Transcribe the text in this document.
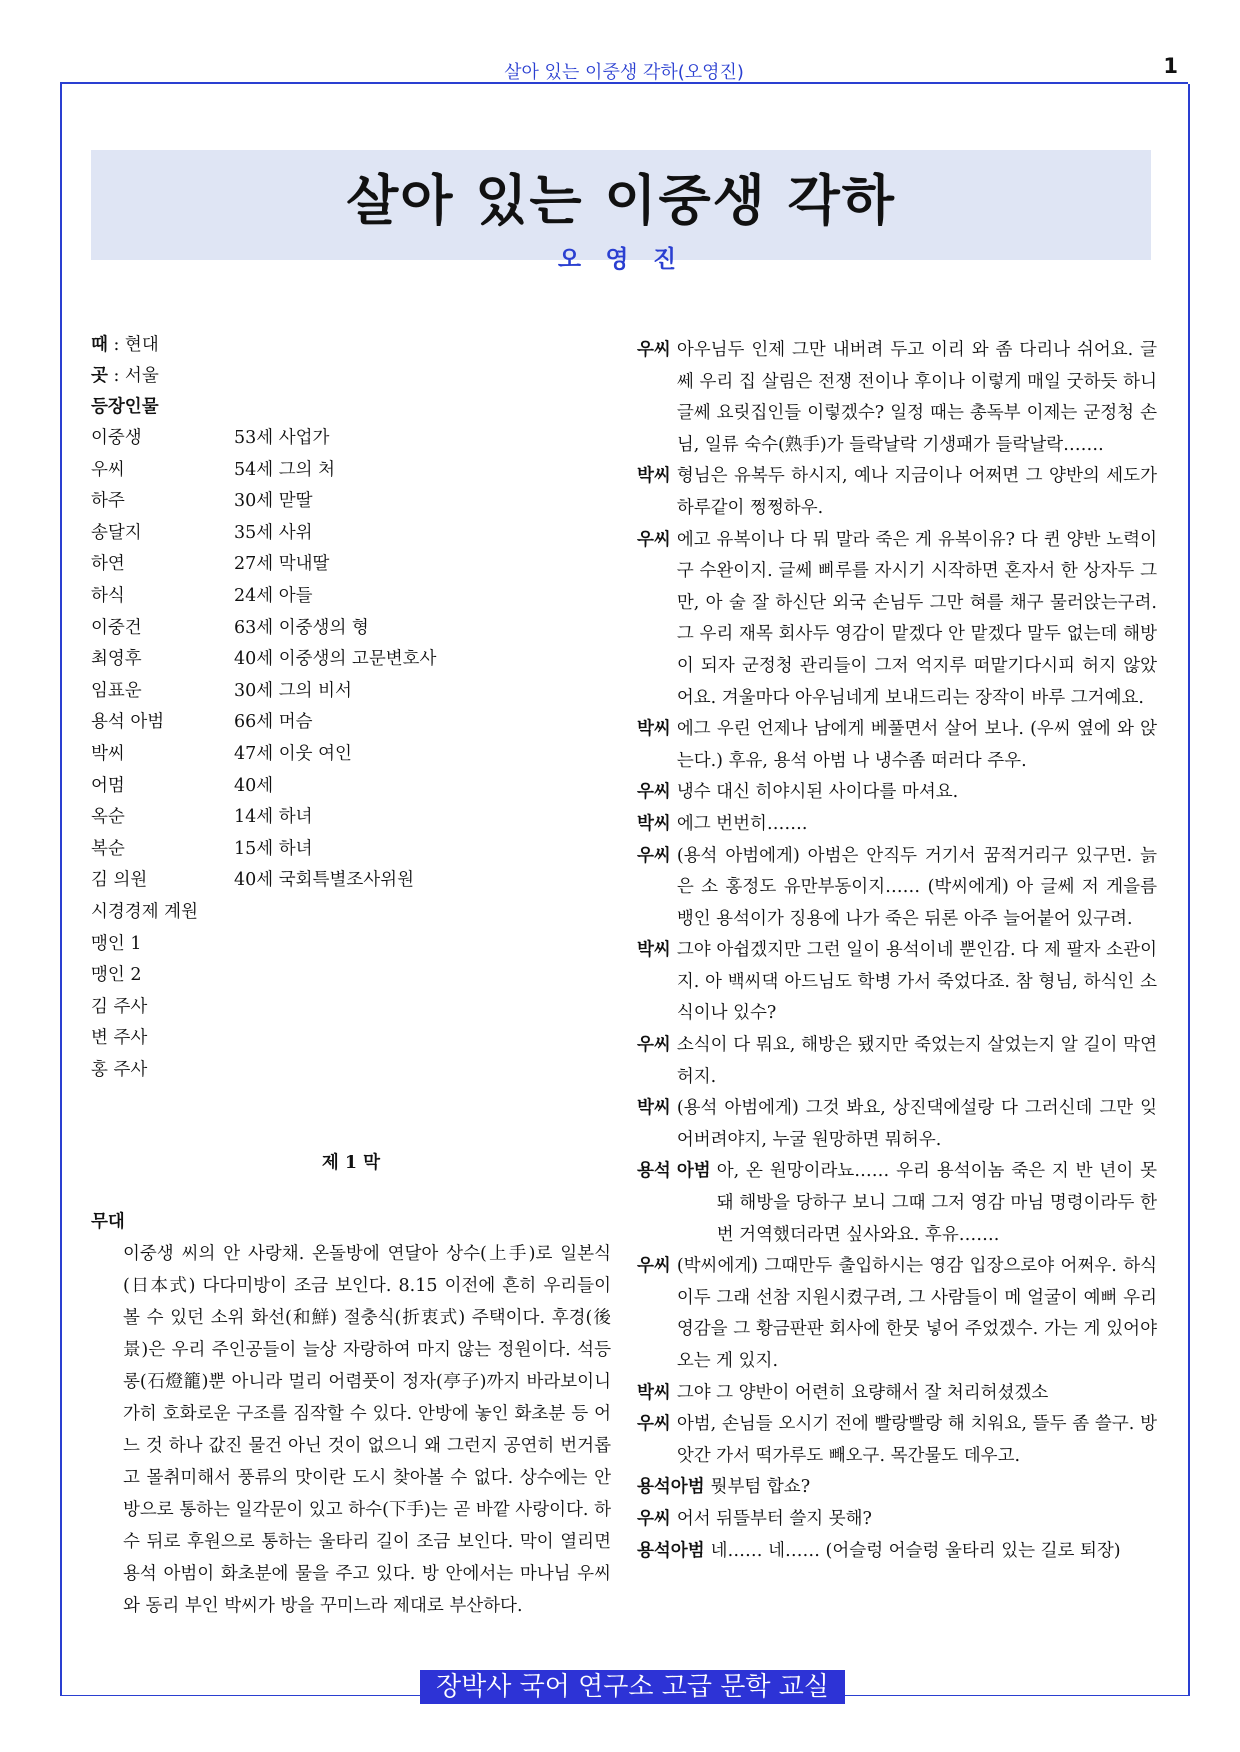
살아 있는 이중생 각하(오영진)	1
살아 있는 이중생 각하
오 영 진
때 : 현대
곳 : 서울
등장인물
이중생	53세 사업가
우씨	54세 그의 처
하주	30세 맏딸
송달지	35세 사위
하연	27세 막내딸
하식	24세 아들
이중건	63세 이중생의 형
최영후	40세 이중생의 고문변호사
임표운	30세 그의 비서
용석 아범	66세 머슴
박씨	47세 이웃 여인
어멈	40세
옥순	14세 하녀
복순	15세 하녀
김 의원	40세 국회특별조사위원
시경경제 계원
맹인 1
맹인 2
김 주사
변 주사
홍 주사
제 1 막
무대
이중생 씨의 안 사랑채. 온돌방에 연달아 상수(上手)로 일본식(日本式) 다다미방이 조금 보인다. 8.15 이전에 흔히 우리들이 볼 수 있던 소위 화선(和鮮) 절충식(折衷式) 주택이다. 후경(後景)은 우리 주인공들이 늘상 자랑하여 마지 않는 정원이다. 석등롱(石燈籠)뿐 아니라 멀리 어렴풋이 정자(亭子)까지 바라보이니 가히 호화로운 구조를 짐작할 수 있다. 안방에 놓인 화초분 등 어느 것 하나 값진 물건 아닌 것이 없으니 왜 그런지 공연히 번거롭고 몰취미해서 풍류의 맛이란 도시 찾아볼 수 없다. 상수에는 안방으로 통하는 일각문이 있고 하수(下手)는 곧 바깥 사랑이다. 하수 뒤로 후원으로 통하는 울타리 길이 조금 보인다. 막이 열리면 용석 아범이 화초분에 물을 주고 있다. 방 안에서는 마나님 우씨와 동리 부인 박씨가 방을 꾸미느라 제대로 부산하다.
우씨 아우님두 인제 그만 내버려 두고 이리 와 좀 다리나 쉬어요. 글쎄 우리 집 살림은 전쟁 전이나 후이나 이렇게 매일 굿하듯 하니 글쎄 요릿집인들 이렇겠수? 일정 때는 총독부 이제는 군정청 손님, 일류 숙수(熟手)가 들락날락 기생패가 들락날락…….
박씨 형님은 유복두 하시지, 예나 지금이나 어쩌면 그 양반의 세도가 하루같이 쩡쩡하우.
우씨 에고 유복이나 다 뭐 말라 죽은 게 유복이유? 다 퀸 양반 노력이구 수완이지. 글쎄 삐루를 자시기 시작하면 혼자서 한 상자두 그만, 아 술 잘 하신단 외국 손님두 그만 혀를 채구 물러앉는구려. 그 우리 재목 회사두 영감이 맡겠다 안 맡겠다 말두 없는데 해방이 되자 군정청 관리들이 그저 억지루 떠맡기다시피 허지 않았어요. 겨울마다 아우님네게 보내드리는 장작이 바루 그거예요.
박씨 에그 우린 언제나 남에게 베풀면서 살어 보나. (우씨 옆에 와 앉는다.) 후유, 용석 아범 나 냉수좀 떠러다 주우.
우씨 냉수 대신 히야시된 사이다를 마셔요.
박씨 에그 번번히…….
우씨 (용석 아범에게) 아범은 안직두 거기서 꿈적거리구 있구먼. 늙은 소 홍정도 유만부동이지…… (박씨에게) 아 글쎄 저 게을름뱅인 용석이가 징용에 나가 죽은 뒤론 아주 늘어붙어 있구려.
박씨 그야 아쉽겠지만 그런 일이 용석이네 뿐인감. 다 제 팔자 소관이지. 아 백씨댁 아드님도 학병 가서 죽었다죠. 참 형님, 하식인 소식이나 있수?
우씨 소식이 다 뭐요, 해방은 됐지만 죽었는지 살었는지 알 길이 막연허지.
박씨 (용석 아범에게) 그것 봐요, 상진댁에설랑 다 그러신데 그만 잊어버려야지, 누굴 원망하면 뭐허우.
용석 아범 아, 온 원망이라뇨…… 우리 용석이놈 죽은 지 반 년이 못 돼 해방을 당하구 보니 그때 그저 영감 마님 명령이라두 한 번 거역했더라면 싶사와요. 후유…….
우씨 (박씨에게) 그때만두 출입하시는 영감 입장으로야 어쩌우. 하식이두 그래 선참 지원시켰구려, 그 사람들이 메 얼굴이 예뻐 우리 영감을 그 황금판판 회사에 한뭇 넣어 주었겠수. 가는 게 있어야 오는 게 있지.
박씨 그야 그 양반이 어련히 요량해서 잘 처리허셨겠소
우씨 아범, 손님들 오시기 전에 빨랑빨랑 해 치워요, 뜰두 좀 쓸구. 방앗간 가서 떡가루도 빼오구. 목간물도 데우고.
용석아범 뭣부텀 합쇼?
우씨 어서 뒤뜰부터 쓸지 못해?
용석아범 네…… 네…… (어슬렁 어슬렁 울타리 있는 길로 퇴장)
장박사 국어 연구소 고급 문학 교실
